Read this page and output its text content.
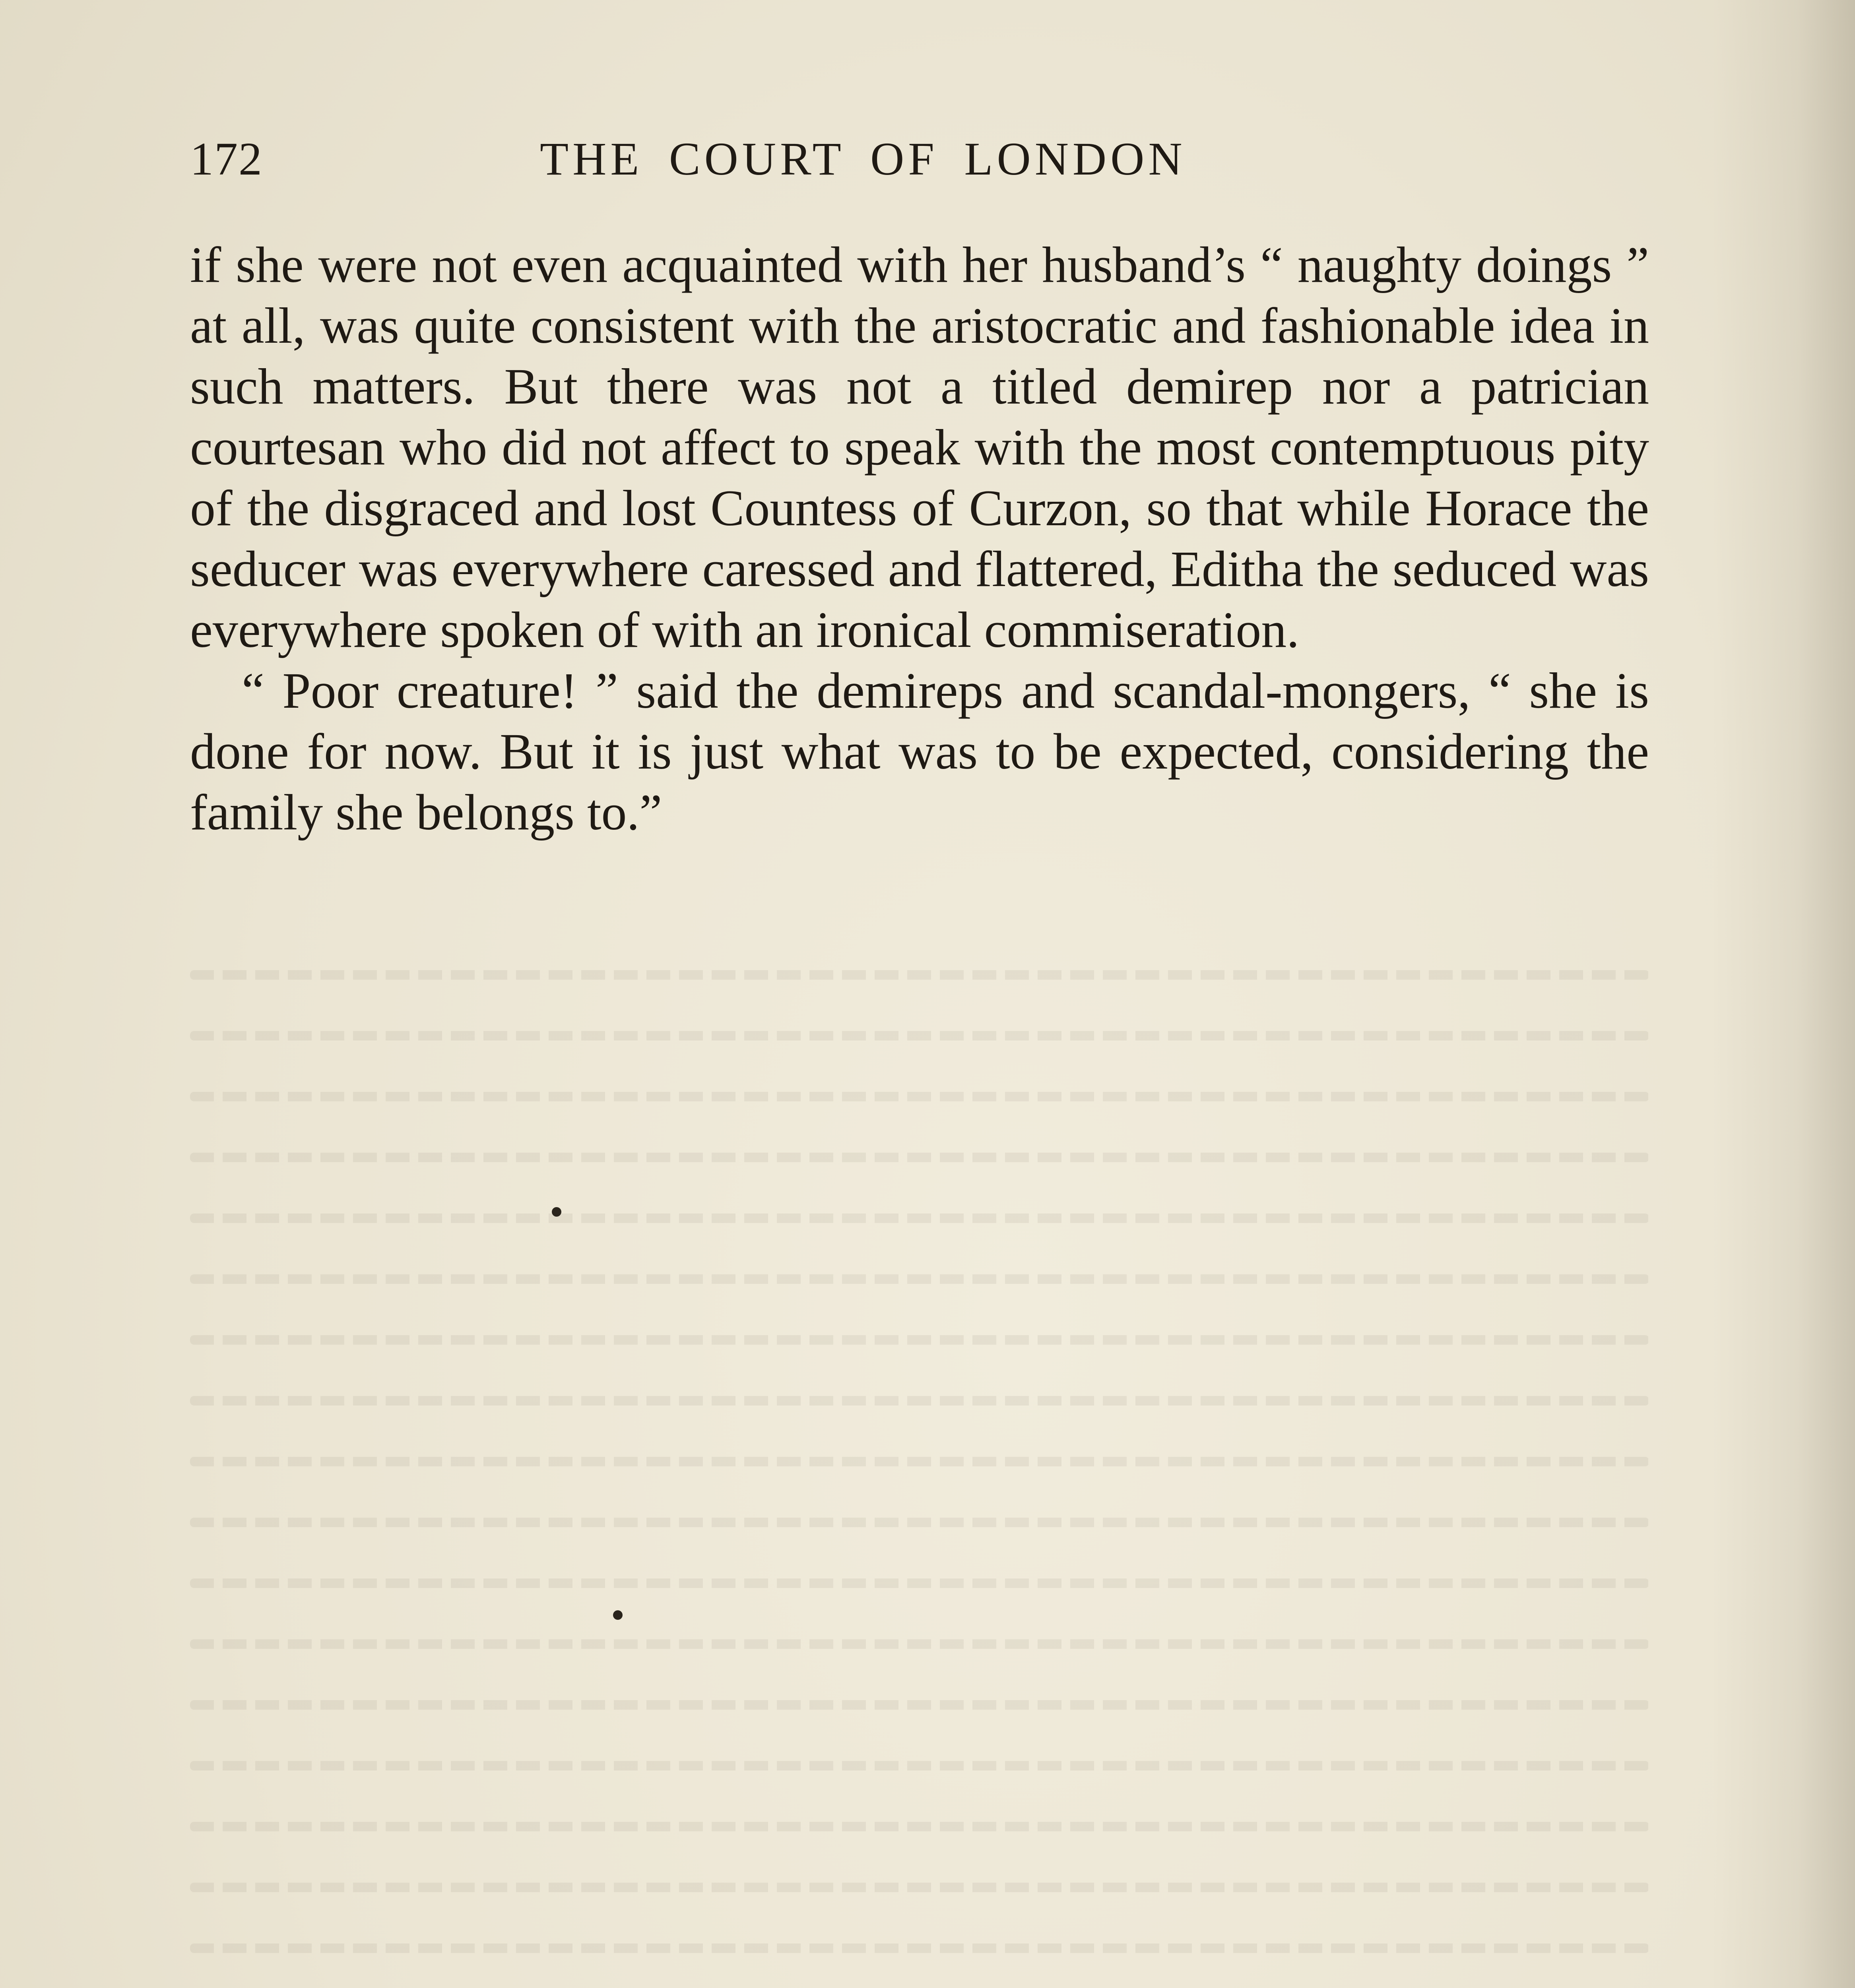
172	THE COURT OF LONDON

if she were not even acquainted with her husband’s “ naughty doings ” at all, was quite consistent with the aristocratic and fashionable idea in such matters. But there was not a titled demirep nor a patrician courtesan who did not affect to speak with the most contemptuous pity of the disgraced and lost Countess of Curzon, so that while Horace the seducer was everywhere caressed and flattered, Editha the seduced was everywhere spoken of with an ironical commiseration.

“ Poor creature! ” said the demireps and scandal-mongers, “ she is done for now. But it is just what was to be expected, considering the family she belongs to.”
